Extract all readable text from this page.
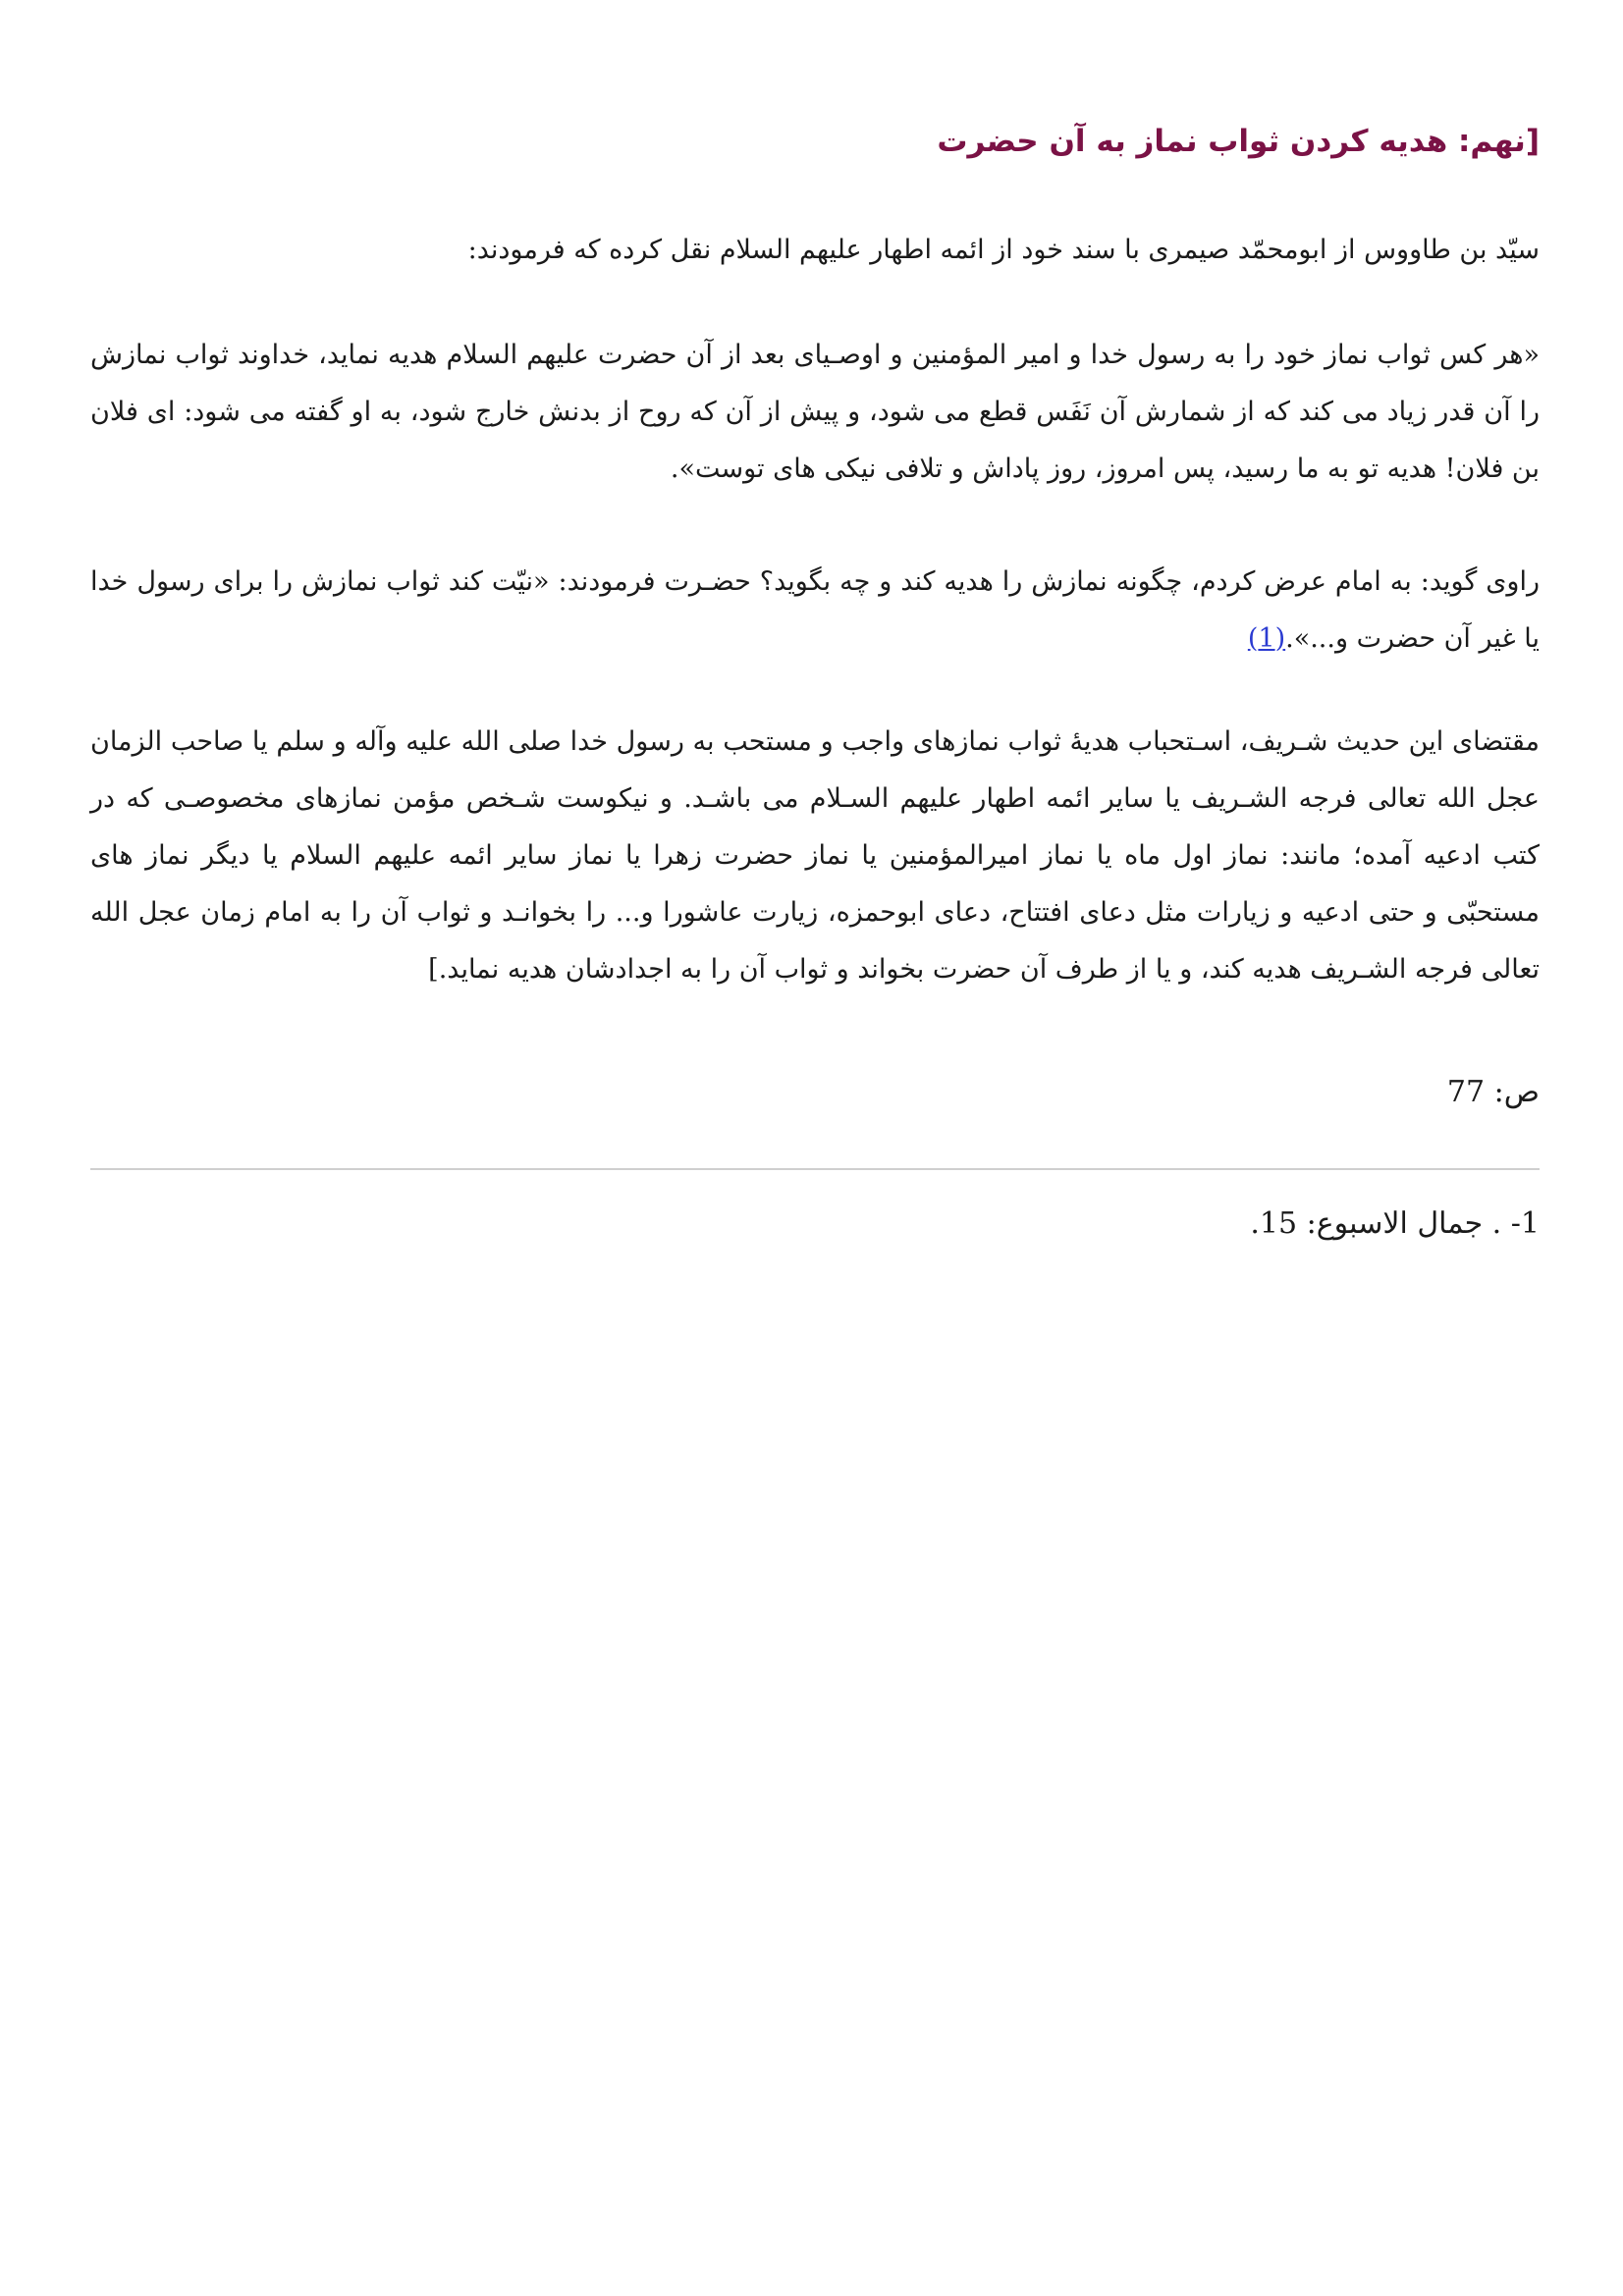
[نهم: هدیه کردن ثواب نماز به آن حضرت

سیّد بن طاووس از ابومحمّد صیمری با سند خود از ائمه اطهار علیهم السلام نقل کرده که فرمودند:

«هر کس ثواب نماز خود را به رسول خدا و امیر المؤمنین و اوصـیای بعد از آن حضرت علیهم السلام هدیه نماید، خداوند ثواب نمازش را آن قدر زیاد می کند که از شمارش آن نَفَس قطع می شود، و پیش از آن که روح از بدنش خارج شود، به او گفته می شود: ای فلان بن فلان! هدیه تو به ما رسید، پس امروز، روز پاداش و تلافی نیکی های توست».

راوی گوید: به امام عرض کردم، چگونه نمازش را هدیه کند و چه بگوید؟ حضـرت فرمودند: «نیّت کند ثواب نمازش را برای رسول خدا یا غیر آن حضرت و...».(1)

مقتضای این حدیث شـریف، اسـتحباب هدیهٔ ثواب نمازهای واجب و مستحب به رسول خدا صلی الله علیه وآله و سلم یا صاحب الزمان عجل الله تعالی فرجه الشـریف یا سایر ائمه اطهار علیهم السـلام می باشـد. و نیکوست شـخص مؤمن نمازهای مخصوصـی که در کتب ادعیه آمده؛ مانند: نماز اول ماه یا نماز امیرالمؤمنین یا نماز حضرت زهرا یا نماز سایر ائمه علیهم السلام یا دیگر نماز های مستحبّی و حتی ادعیه و زیارات مثل دعای افتتاح، دعای ابوحمزه، زیارت عاشورا و... را بخوانـد و ثواب آن را به امام زمان عجل الله تعالی فرجه الشـریف هدیه کند، و یا از طرف آن حضرت بخواند و ثواب آن را به اجدادشان هدیه نماید.]

ص: 77
1- . جمال الاسبوع: 15.
